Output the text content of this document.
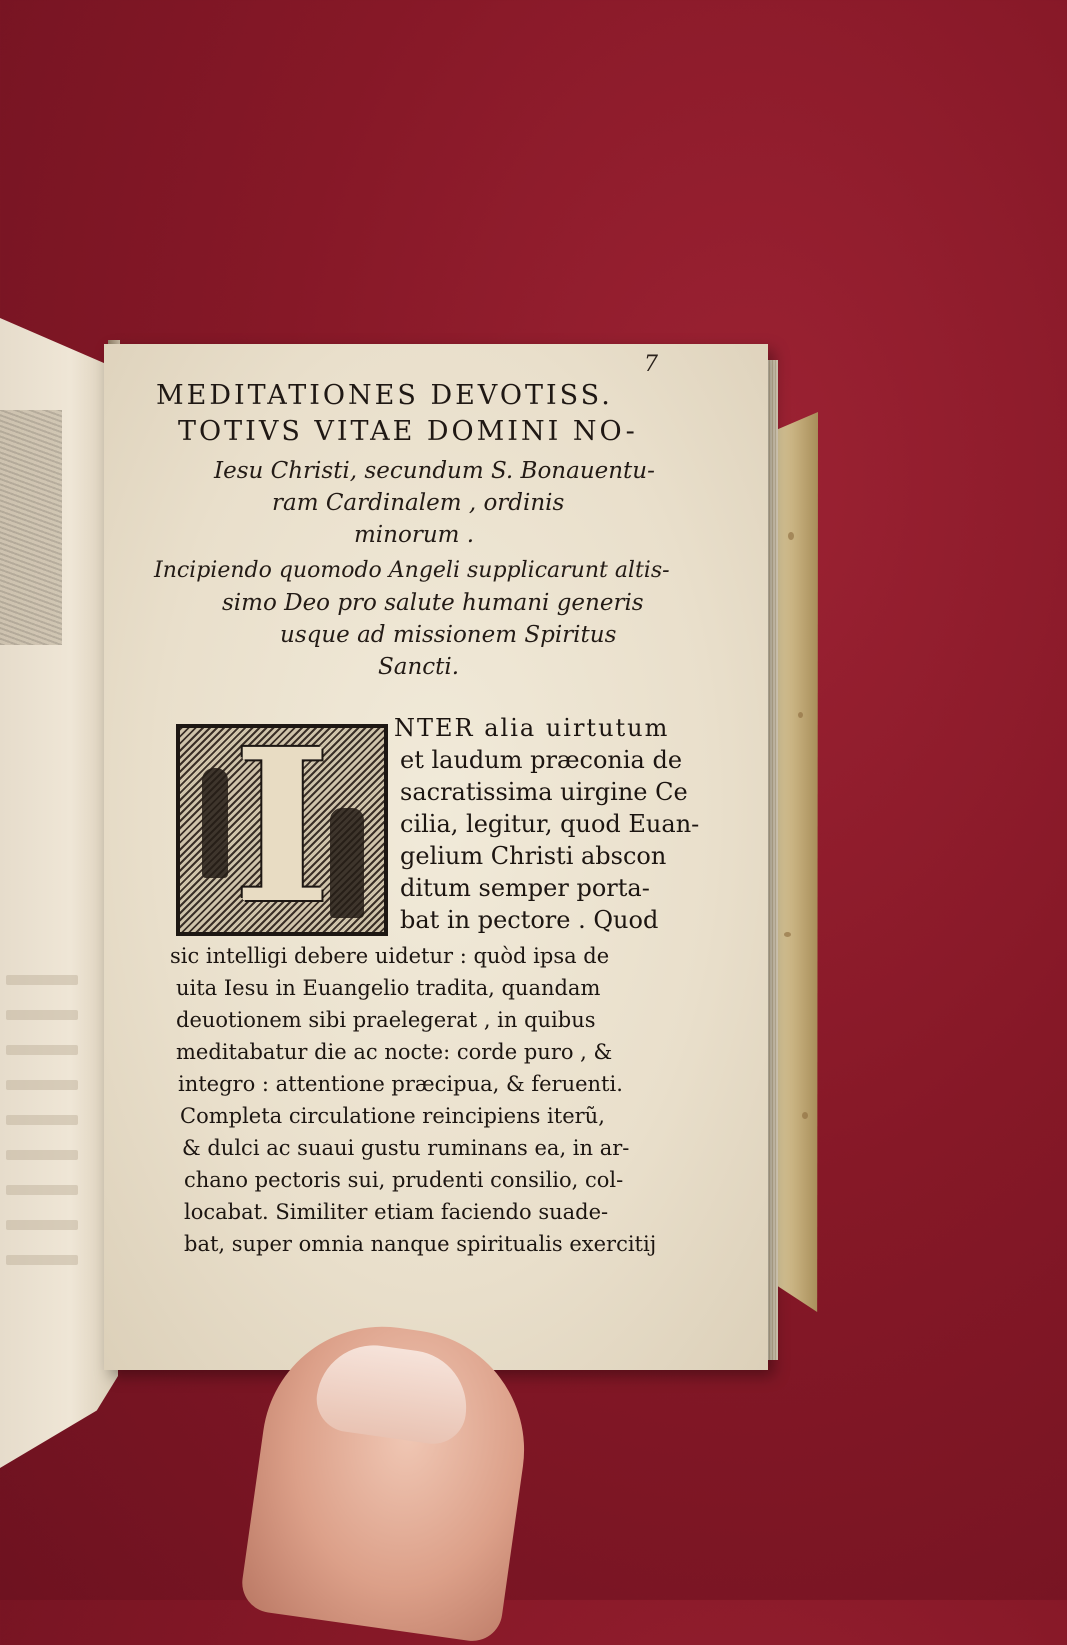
7
MEDITATIONES DEVOTISS.
TOTIVS VITAE DOMINI NO-
Iesu Christi, secundum S. Bonauentu-
ram Cardinalem , ordinis
minorum .
Incipiendo quomodo Angeli supplicarunt altis-
simo Deo pro salute humani generis
usque ad missionem Spiritus
Sancti.
I	NTER alia uirtutum
et laudum præconia de
sacratissima uirgine Ce
cilia, legitur, quod Euan-
gelium Christi abscon
ditum semper porta-
bat in pectore . Quod
sic intelligi debere uidetur : quòd ipsa de
uita Iesu in Euangelio tradita, quandam
deuotionem sibi praelegerat , in quibus
meditabatur die ac nocte: corde puro , &
integro : attentione præcipua, & feruenti.
Completa circulatione reincipiens iterũ,
& dulci ac suaui gustu ruminans ea, in ar-
chano pectoris sui, prudenti consilio, col-
locabat. Similiter etiam faciendo suade-
bat, super omnia nanque spiritualis exercitij
